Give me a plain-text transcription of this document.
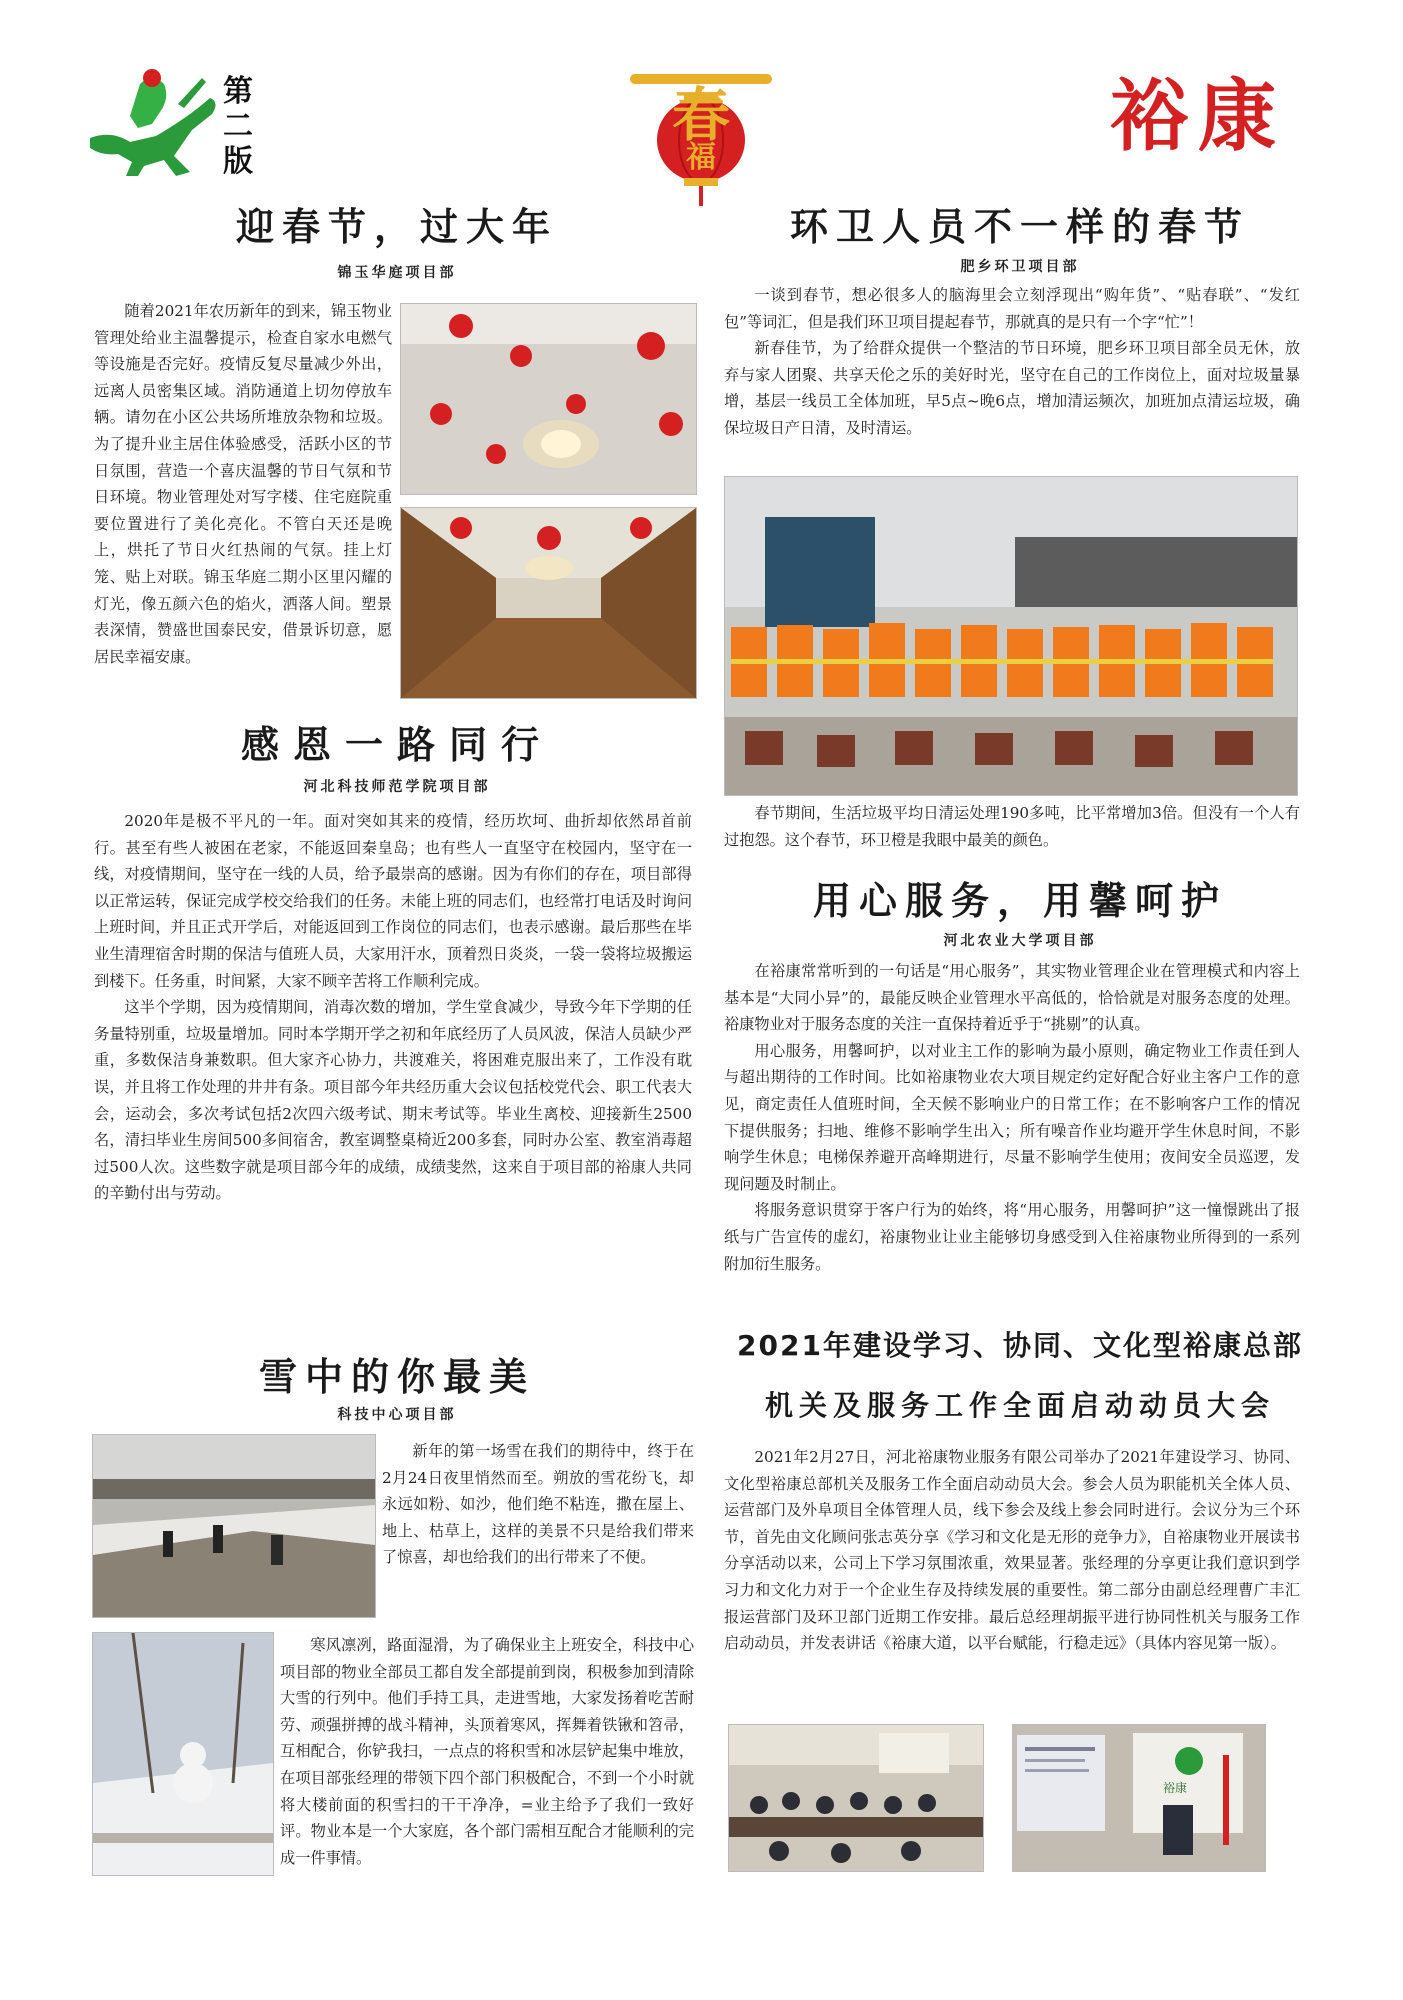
第二版
春
福	裕康
迎春节，过大年
锦玉华庭项目部

随着2021年农历新年的到来，锦玉物业管理处给业主温馨提示，检查自家水电燃气等设施是否完好。疫情反复尽量减少外出，远离人员密集区域。消防通道上切勿停放车辆。请勿在小区公共场所堆放杂物和垃圾。为了提升业主居住体验感受，活跃小区的节日氛围，营造一个喜庆温馨的节日气氛和节日环境。物业管理处对写字楼、住宅庭院重要位置进行了美化亮化。不管白天还是晚上，烘托了节日火红热闹的气氛。挂上灯笼、贴上对联。锦玉华庭二期小区里闪耀的灯光，像五颜六色的焰火，洒落人间。塑景表深情，赞盛世国泰民安，借景诉切意，愿居民幸福安康。

环卫人员不一样的春节
肥乡环卫项目部

一谈到春节，想必很多人的脑海里会立刻浮现出“购年货”、“贴春联”、“发红包”等词汇，但是我们环卫项目提起春节，那就真的是只有一个字“忙”！

新春佳节，为了给群众提供一个整洁的节日环境，肥乡环卫项目部全员无休，放弃与家人团聚、共享天伦之乐的美好时光，坚守在自己的工作岗位上，面对垃圾量暴增，基层一线员工全体加班，早5点~晚6点，增加清运频次，加班加点清运垃圾，确保垃圾日产日清，及时清运。

春节期间，生活垃圾平均日清运处理190多吨，比平常增加3倍。但没有一个人有过抱怨。这个春节，环卫橙是我眼中最美的颜色。

感恩一路同行
河北科技师范学院项目部

2020年是极不平凡的一年。面对突如其来的疫情，经历坎坷、曲折却依然昂首前行。甚至有些人被困在老家，不能返回秦皇岛；也有些人一直坚守在校园内，坚守在一线，对疫情期间，坚守在一线的人员，给予最崇高的感谢。因为有你们的存在，项目部得以正常运转，保证完成学校交给我们的任务。未能上班的同志们，也经常打电话及时询问上班时间，并且正式开学后，对能返回到工作岗位的同志们，也表示感谢。最后那些在毕业生清理宿舍时期的保洁与值班人员，大家用汗水，顶着烈日炎炎，一袋一袋将垃圾搬运到楼下。任务重，时间紧，大家不顾辛苦将工作顺利完成。

这半个学期，因为疫情期间，消毒次数的增加，学生堂食减少，导致今年下学期的任务量特别重，垃圾量增加。同时本学期开学之初和年底经历了人员风波，保洁人员缺少严重，多数保洁身兼数职。但大家齐心协力，共渡难关，将困难克服出来了，工作没有耽误，并且将工作处理的井井有条。项目部今年共经历重大会议包括校党代会、职工代表大会，运动会，多次考试包括2次四六级考试、期末考试等。毕业生离校、迎接新生2500名，清扫毕业生房间500多间宿舍，教室调整桌椅近200多套，同时办公室、教室消毒超过500人次。这些数字就是项目部今年的成绩，成绩斐然，这来自于项目部的裕康人共同的辛勤付出与劳动。

用心服务，用馨呵护
河北农业大学项目部

在裕康常常听到的一句话是“用心服务”，其实物业管理企业在管理模式和内容上基本是“大同小异”的，最能反映企业管理水平高低的，恰恰就是对服务态度的处理。裕康物业对于服务态度的关注一直保持着近乎于“挑剔”的认真。

用心服务，用馨呵护，以对业主工作的影响为最小原则，确定物业工作责任到人与超出期待的工作时间。比如裕康物业农大项目规定约定好配合好业主客户工作的意见，商定责任人值班时间，全天候不影响业户的日常工作；在不影响客户工作的情况下提供服务；扫地、维修不影响学生出入；所有噪音作业均避开学生休息时间，不影响学生休息；电梯保养避开高峰期进行，尽量不影响学生使用；夜间安全员巡逻，发现问题及时制止。

将服务意识贯穿于客户行为的始终，将“用心服务，用馨呵护”这一憧憬跳出了报纸与广告宣传的虚幻，裕康物业让业主能够切身感受到入住裕康物业所得到的一系列附加衍生服务。

雪中的你最美
科技中心项目部

新年的第一场雪在我们的期待中，终于在2月24日夜里悄然而至。朔放的雪花纷飞，却永远如粉、如沙，他们绝不粘连，撒在屋上、地上、枯草上，这样的美景不只是给我们带来了惊喜，却也给我们的出行带来了不便。

寒风凛冽，路面湿滑，为了确保业主上班安全，科技中心项目部的物业全部员工都自发全部提前到岗，积极参加到清除大雪的行列中。他们手持工具，走进雪地，大家发扬着吃苦耐劳、顽强拼搏的战斗精神，头顶着寒风，挥舞着铁锹和笤帚，互相配合，你铲我扫，一点点的将积雪和冰层铲起集中堆放，在项目部张经理的带领下四个部门积极配合，不到一个小时就将大楼前面的积雪扫的干干净净，=业主给予了我们一致好评。物业本是一个大家庭，各个部门需相互配合才能顺利的完成一件事情。

2021年建设学习、协同、文化型裕康总部
机关及服务工作全面启动动员大会

2021年2月27日，河北裕康物业服务有限公司举办了2021年建设学习、协同、文化型裕康总部机关及服务工作全面启动动员大会。参会人员为职能机关全体人员、运营部门及外阜项目全体管理人员，线下参会及线上参会同时进行。会议分为三个环节，首先由文化顾问张志英分享《学习和文化是无形的竞争力》，自裕康物业开展读书分享活动以来，公司上下学习氛围浓重，效果显著。张经理的分享更让我们意识到学习力和文化力对于一个企业生存及持续发展的重要性。第二部分由副总经理曹广丰汇报运营部门及环卫部门近期工作安排。最后总经理胡振平进行协同性机关与服务工作启动动员，并发表讲话《裕康大道，以平台赋能，行稳走远》（具体内容见第一版）。

裕康
